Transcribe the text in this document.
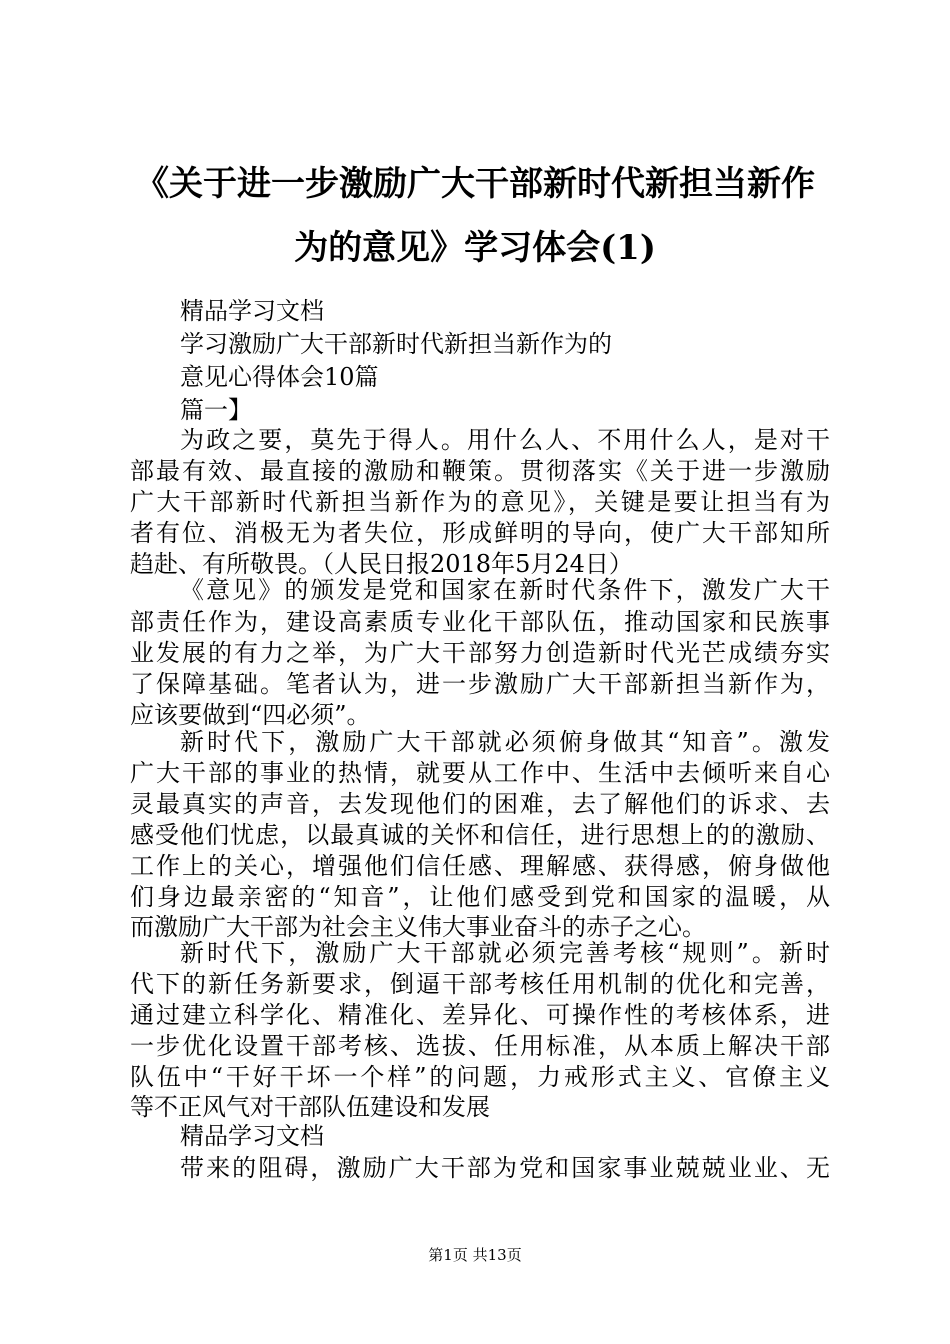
《关于进一步激励广大干部新时代新担当新作
为的意见》学习体会(1)

精品学习文档

学习激励广大干部新时代新担当新作为的

意见心得体会10篇

篇一】

为政之要，莫先于得人。用什么人、不用什么人，是对干

部最有效、最直接的激励和鞭策。贯彻落实《关于进一步激励

广大干部新时代新担当新作为的意见》，关键是要让担当有为

者有位、消极无为者失位，形成鲜明的导向，使广大干部知所

趋赴、有所敬畏。（人民日报2018年5月24日）

《意见》的颁发是党和国家在新时代条件下，激发广大干

部责任作为，建设高素质专业化干部队伍，推动国家和民族事

业发展的有力之举，为广大干部努力创造新时代光芒成绩夯实

了保障基础。笔者认为，进一步激励广大干部新担当新作为，

应该要做到“四必须”。

新时代下，激励广大干部就必须俯身做其“知音”。激发

广大干部的事业的热情，就要从工作中、生活中去倾听来自心

灵最真实的声音，去发现他们的困难，去了解他们的诉求、去

感受他们忧虑，以最真诚的关怀和信任，进行思想上的的激励、

工作上的关心，增强他们信任感、理解感、获得感，俯身做他

们身边最亲密的“知音”，让他们感受到党和国家的温暖，从

而激励广大干部为社会主义伟大事业奋斗的赤子之心。

新时代下，激励广大干部就必须完善考核“规则”。新时

代下的新任务新要求，倒逼干部考核任用机制的优化和完善，

通过建立科学化、精准化、差异化、可操作性的考核体系，进

一步优化设置干部考核、选拔、任用标准，从本质上解决干部

队伍中“干好干坏一个样”的问题，力戒形式主义、官僚主义

等不正风气对干部队伍建设和发展

精品学习文档

带来的阻碍，激励广大干部为党和国家事业兢兢业业、无

第1页 共13页
